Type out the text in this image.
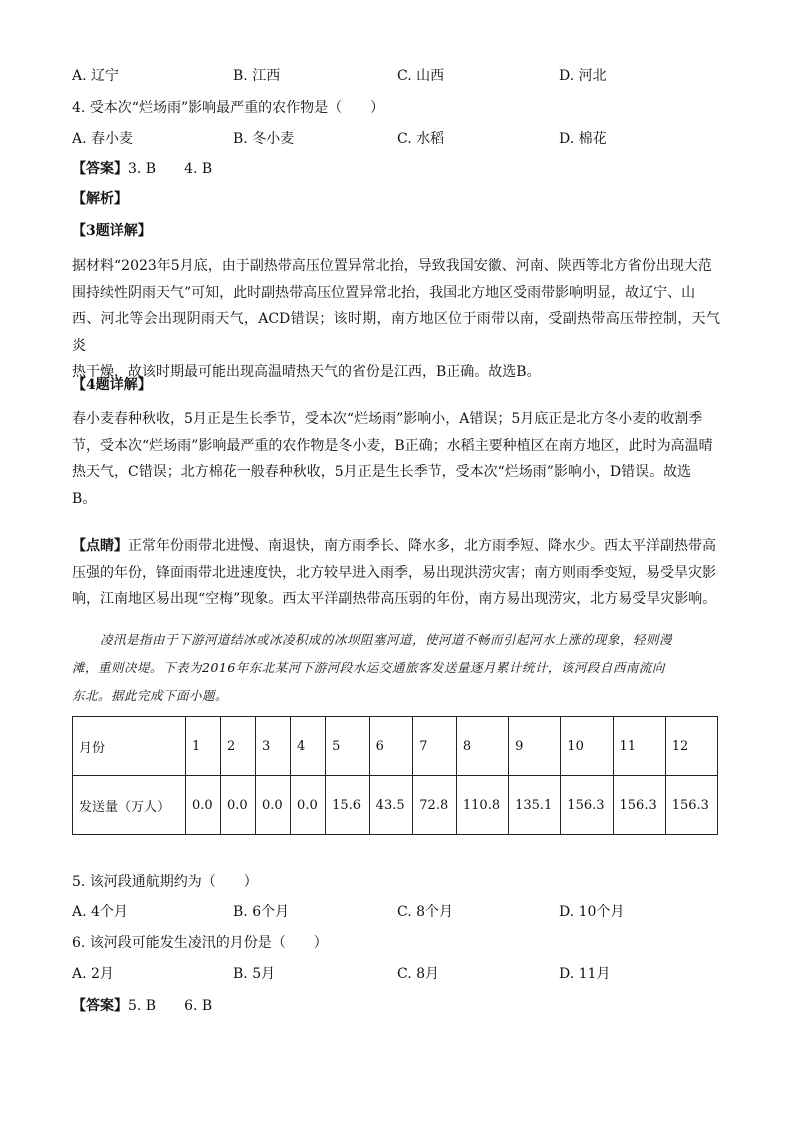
A. 辽宁	B. 江西	C. 山西	D. 河北
4. 受本次“烂场雨”影响最严重的农作物是（　　）
A. 春小麦	B. 冬小麦	C. 水稻	D. 棉花
【答案】3. B　　4. B
【解析】
【3题详解】
据材料“2023年5月底，由于副热带高压位置异常北抬，导致我国安徽、河南、陕西等北方省份出现大范
围持续性阴雨天气”可知，此时副热带高压位置异常北抬，我国北方地区受雨带影响明显，故辽宁、山
西、河北等会出现阴雨天气，ACD错误；该时期，南方地区位于雨带以南，受副热带高压带控制，天气炎
热干燥，故该时期最可能出现高温晴热天气的省份是江西，B正确。故选B。
【4题详解】
春小麦春种秋收，5月正是生长季节，受本次“烂场雨”影响小，A错误；5月底正是北方冬小麦的收割季
节，受本次“烂场雨”影响最严重的农作物是冬小麦，B正确；水稻主要种植区在南方地区，此时为高温晴
热天气，C错误；北方棉花一般春种秋收，5月正是生长季节，受本次“烂场雨”影响小，D错误。故选
B。
【点睛】正常年份雨带北进慢、南退快，南方雨季长、降水多，北方雨季短、降水少。西太平洋副热带高
压强的年份，锋面雨带北进速度快，北方较早进入雨季，易出现洪涝灾害；南方则雨季变短，易受旱灾影
响，江南地区易出现“空梅”现象。西太平洋副热带高压弱的年份，南方易出现涝灾，北方易受旱灾影响。
凌汛是指由于下游河道结冰或冰凌积成的冰坝阻塞河道，使河道不畅而引起河水上涨的现象，轻则漫
滩，重则决堤。下表为2016年东北某河下游河段水运交通旅客发送量逐月累计统计，该河段自西南流向
东北。据此完成下面小题。
月份	1	2	3	4	5	6	7	8	9	10	11	12
发送量（万人）	0.0	0.0	0.0	0.0	15.6	43.5	72.8	110.8	135.1	156.3	156.3	156.3
5. 该河段通航期约为（　　）
A. 4个月	B. 6个月	C. 8个月	D. 10个月
6. 该河段可能发生凌汛的月份是（　　）
A. 2月	B. 5月	C. 8月	D. 11月
【答案】5. B　　6. B
